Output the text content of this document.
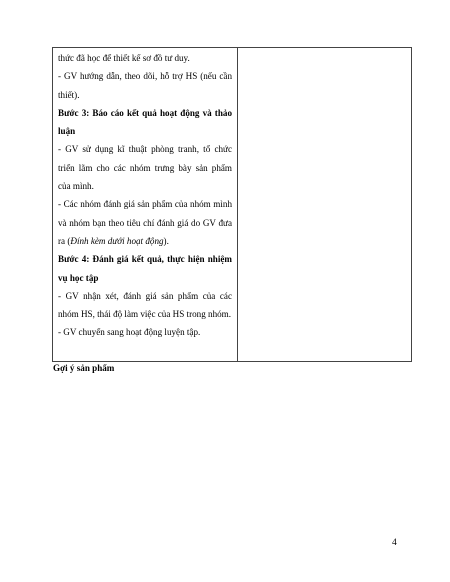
thức đã học để thiết kế sơ đồ tư duy.

- GV hướng dẫn, theo dõi, hỗ trợ HS (nếu cần thiết).

Bước 3: Báo cáo kết quả hoạt động và thảo luận

- GV sử dụng kĩ thuật phòng tranh, tổ chức triển lãm cho các nhóm trưng bày sản phẩm của mình.

- Các nhóm đánh giá sản phẩm của nhóm mình và nhóm bạn theo tiêu chí đánh giá do GV đưa ra (Đính kèm dưới hoạt động).

Bước 4: Đánh giá kết quả, thực hiện nhiệm vụ học tập

- GV nhận xét, đánh giá sản phẩm của các nhóm HS, thái độ làm việc của HS trong nhóm.

- GV chuyển sang hoạt động luyện tập.

Gợi ý sản phẩm

4
